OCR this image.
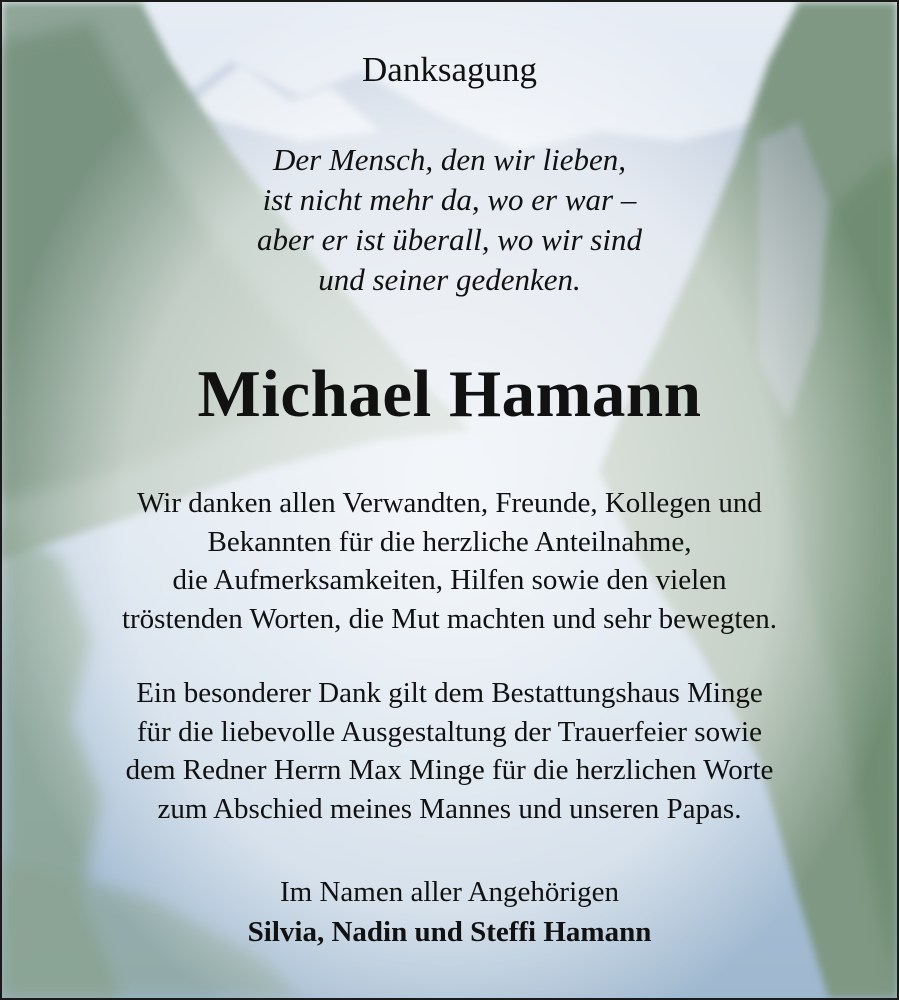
Danksagung
Der Mensch, den wir lieben,
ist nicht mehr da, wo er war –
aber er ist überall, wo wir sind
und seiner gedenken.
Michael Hamann
Wir danken allen Verwandten, Freunde, Kollegen und
Bekannten für die herzliche Anteilnahme,
die Aufmerksamkeiten, Hilfen sowie den vielen
tröstenden Worten, die Mut machten und sehr bewegten.
Ein besonderer Dank gilt dem Bestattungshaus Minge
für die liebevolle Ausgestaltung der Trauerfeier sowie
dem Redner Herrn Max Minge für die herzlichen Worte
zum Abschied meines Mannes und unseren Papas.
Im Namen aller Angehörigen
Silvia, Nadin und Steffi Hamann
